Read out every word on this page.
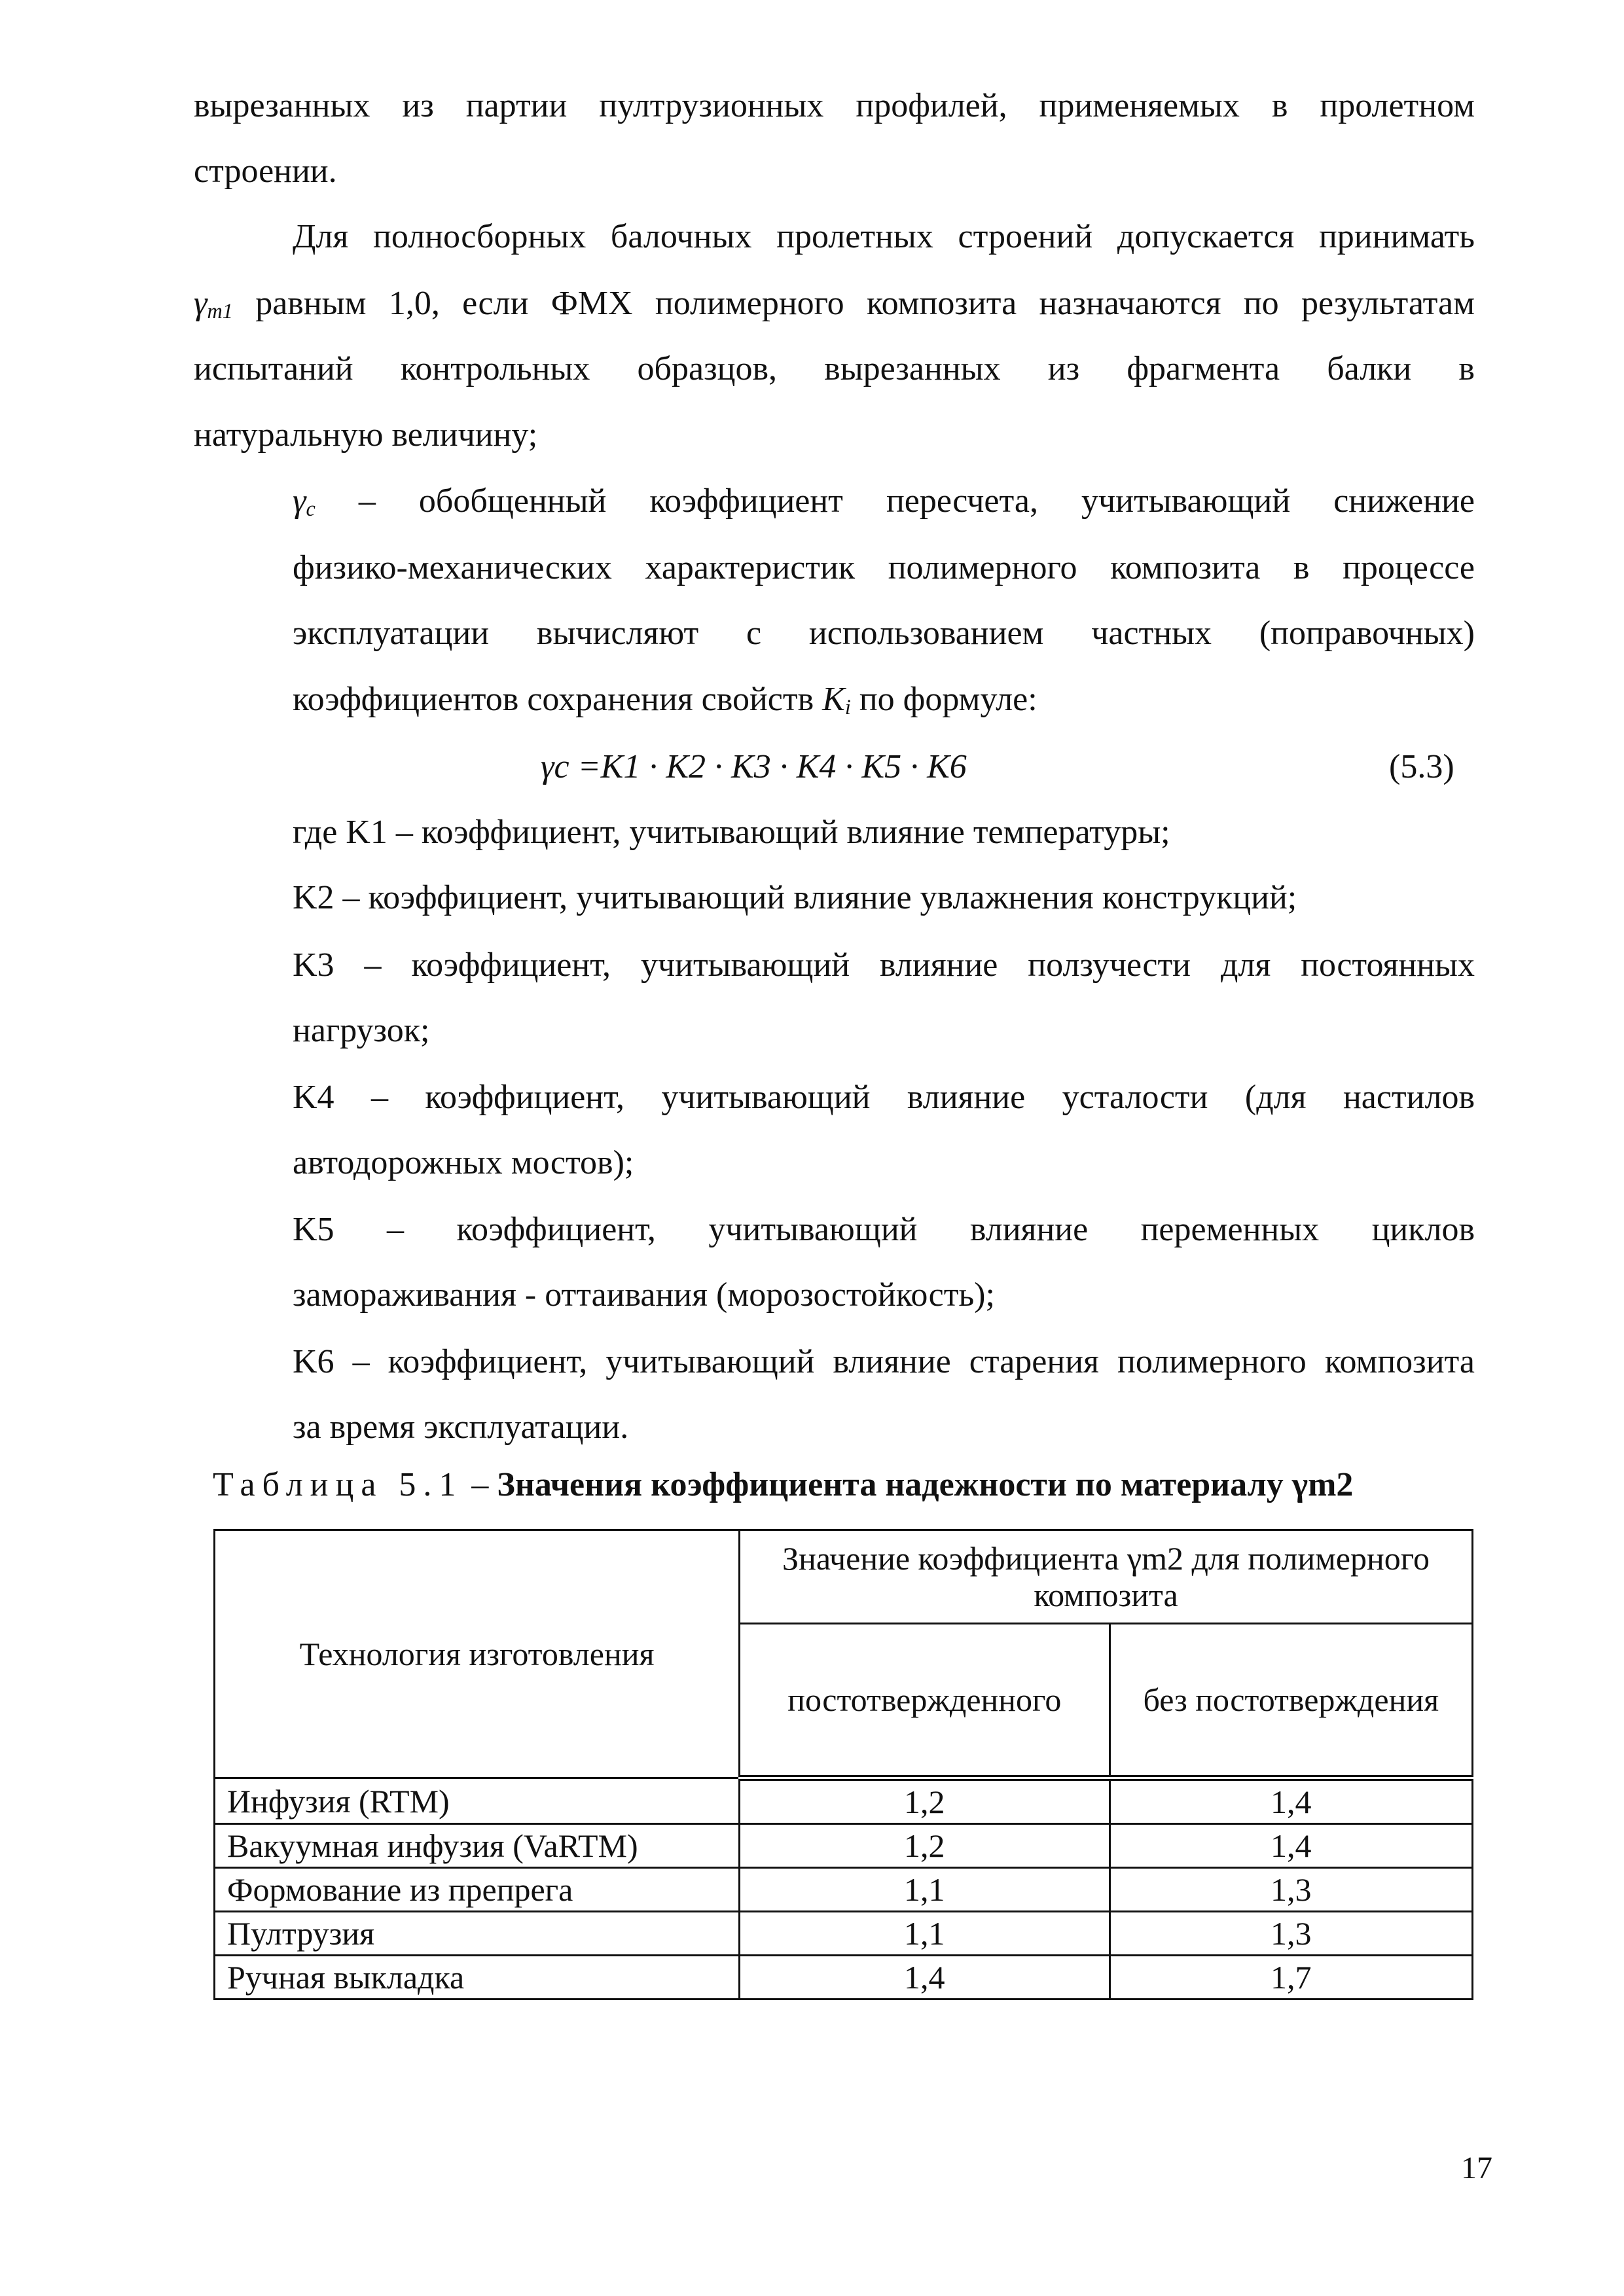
вырезанных из партии пултрузионных профилей, применяемых в пролетном
строении.
Для полносборных балочных пролетных строений допускается принимать
$\gamma_{m1}$ равным 1,0, если ФМХ полимерного композита назначаются по результатам
испытаний контрольных образцов, вырезанных из фрагмента балки в
натуральную величину;
$\gamma_c$ – обобщенный коэффициент пересчета, учитывающий снижение
физико-механических характеристик полимерного композита в процессе
эксплуатации вычисляют с использованием частных (поправочных)
коэффициентов сохранения свойств $K_i$ по формуле:
γc =K1 · K2 · K3 · K4 · K5 · K6	(5.3)
где K1 – коэффициент, учитывающий влияние температуры;
K2 – коэффициент, учитывающий влияние увлажнения конструкций;
K3 – коэффициент, учитывающий влияние ползучести для постоянных
нагрузок;
K4 – коэффициент, учитывающий влияние усталости (для настилов
автодорожных мостов);
K5 – коэффициент, учитывающий влияние переменных циклов
замораживания - оттаивания (морозостойкость);
K6 – коэффициент, учитывающий влияние старения полимерного композита
за время эксплуатации.
Таблица 5.1 – Значения коэффициента надежности по материалу γm2
Технология изготовления	Значение коэффициента γm2 для полимерного композита	
	постотвержденного	без постотверждения
Инфузия (RTM)	1,2	1,4
Вакуумная инфузия (VaRTM)	1,2	1,4
Формование из препрега	1,1	1,3
Пултрузия	1,1	1,3
Ручная выкладка	1,4	1,7
17
